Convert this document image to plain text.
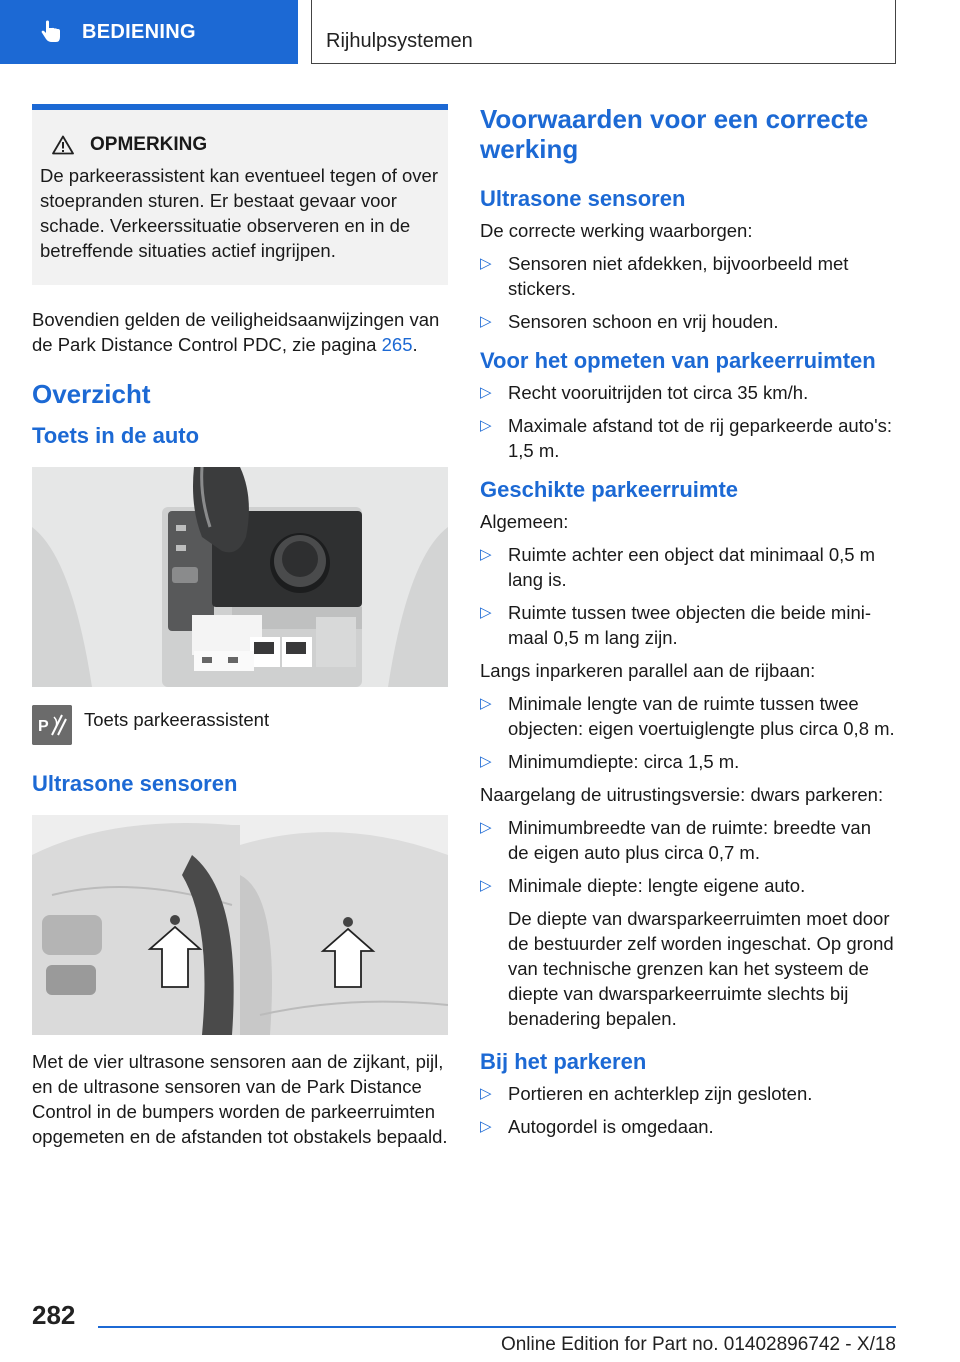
BEDIENING	Rijhulpsystemen
OPMERKING

De parkeerassistent kan eventueel tegen of over stoepranden sturen. Er bestaat gevaar voor schade. Verkeerssituatie observeren en in de betreffende situaties actief ingrijpen.

Bovendien gelden de veiligheidsaanwijzingen van de Park Distance Control PDC, zie pagina 265.

Overzicht
Toets in de auto
P Toets parkeerassistent
Ultrasone sensoren

Met de vier ultrasone sensoren aan de zijkant, pijl, en de ultrasone sensoren van de Park Distance Control in de bumpers worden de parkeerruimten opgemeten en de afstanden tot obstakels bepaald.

Voorwaarden voor een correcte werking
Ultrasone sensoren

De correcte werking waarborgen:

▷ Sensoren niet afdekken, bijvoorbeeld met stickers.
▷ Sensoren schoon en vrij houden.
Voor het opmeten van parkeerruimten
▷ Recht vooruitrijden tot circa 35 km/h.
▷ Maximale afstand tot de rij geparkeerde auto's: 1,5 m.
Geschikte parkeerruimte

Algemeen:

▷ Ruimte achter een object dat minimaal 0,5 m lang is.
▷ Ruimte tussen twee objecten die beide minimaal 0,5 m lang zijn.

Langs inparkeren parallel aan de rijbaan:

▷ Minimale lengte van de ruimte tussen twee objecten: eigen voertuiglengte plus circa 0,8 m.
▷ Minimumdiepte: circa 1,5 m.

Naargelang de uitrustingsversie: dwars parkeren:

▷ Minimumbreedte van de ruimte: breedte van de eigen auto plus circa 0,7 m.
▷ Minimale diepte: lengte eigene auto.

De diepte van dwarsparkeerruimten moet door de bestuurder zelf worden ingeschat. Op grond van technische grenzen kan het systeem de diepte van dwarsparkeerruimte slechts bij benadering bepalen.

Bij het parkeren
▷ Portieren en achterklep zijn gesloten.
▷ Autogordel is omgedaan.
282
Online Edition for Part no. 01402896742 - X/18
